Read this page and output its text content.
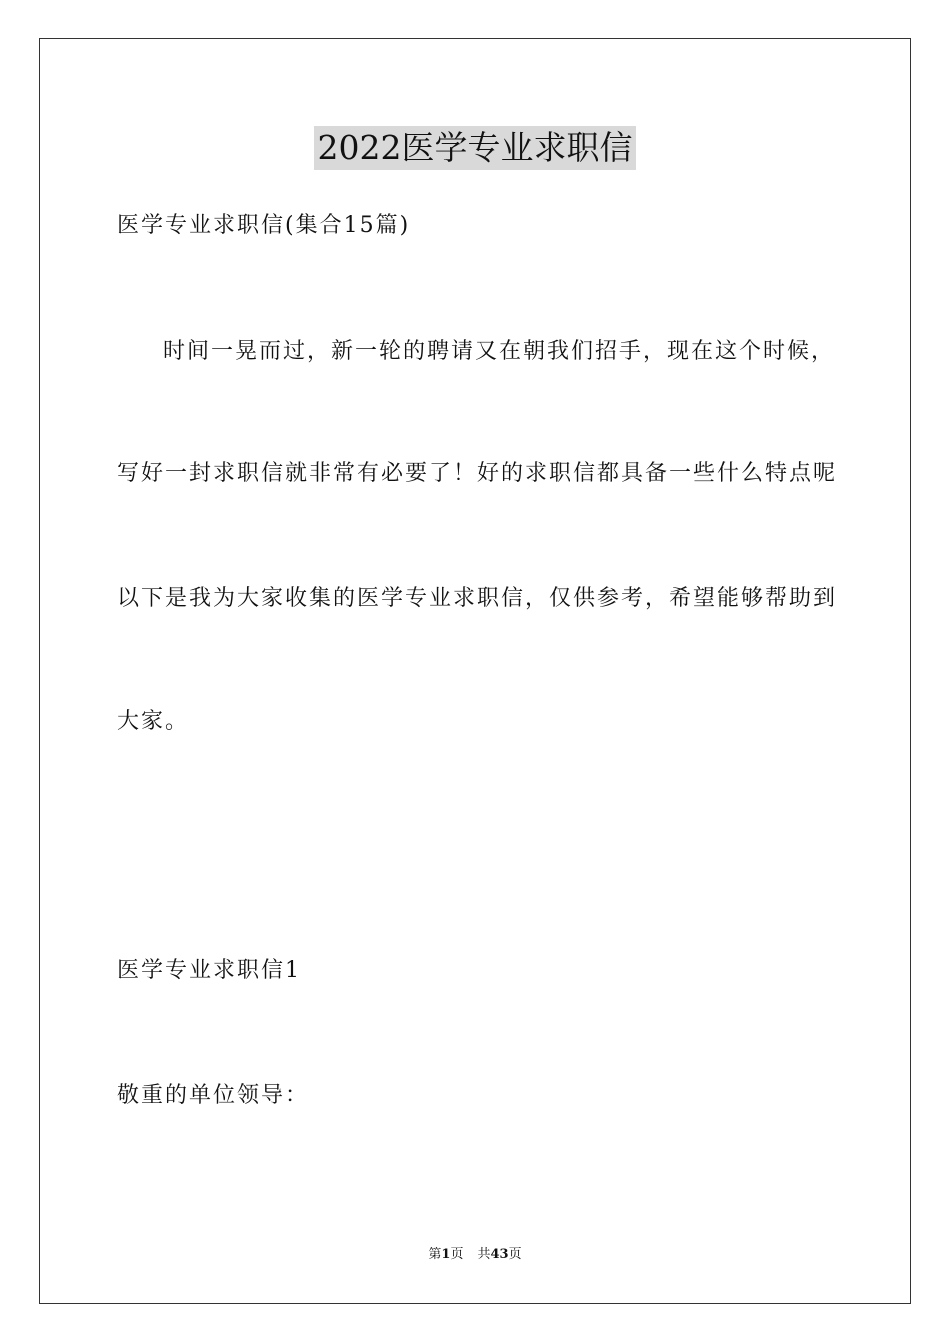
2022医学专业求职信
医学专业求职信(集合15篇)
时间一晃而过，新一轮的聘请又在朝我们招手，现在这个时候，
写好一封求职信就非常有必要了！好的求职信都具备一些什么特点呢
以下是我为大家收集的医学专业求职信，仅供参考，希望能够帮助到
大家。
医学专业求职信1
敬重的单位领导：
第1页 共43页
